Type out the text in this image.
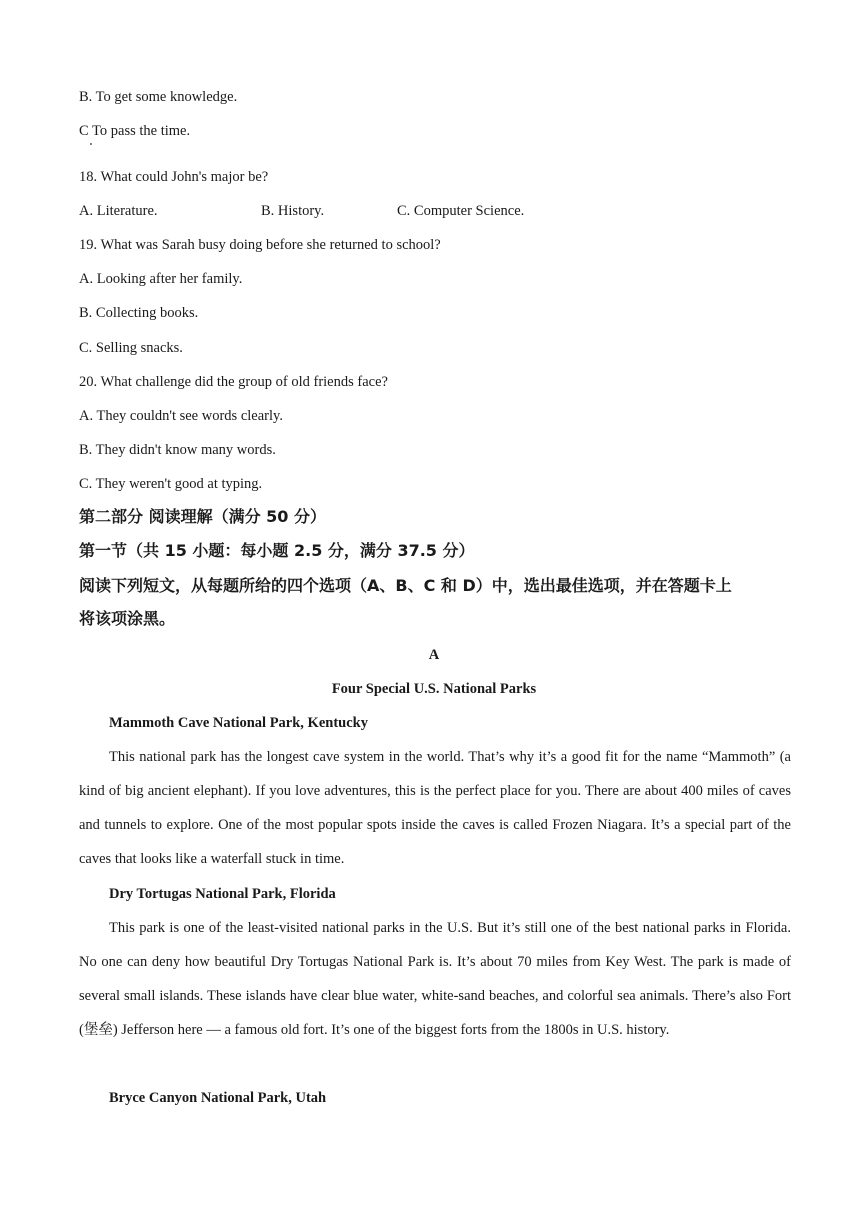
B. To get some knowledge.
C To pass the time.
18. What could John's major be?
A. Literature.	B. History.	C. Computer Science.
19. What was Sarah busy doing before she returned to school?
A. Looking after her family.
B. Collecting books.
C. Selling snacks.
20. What challenge did the group of old friends face?
A. They couldn't see words clearly.
B. They didn't know many words.
C. They weren't good at typing.
第二部分 阅读理解（满分 50 分）
第一节（共 15 小题：每小题 2.5 分，满分 37.5 分）
阅读下列短文，从每题所给的四个选项（A、B、C 和 D）中，选出最佳选项，并在答题卡上
将该项涂黑。
A
Four Special U.S. National Parks
Mammoth Cave National Park, Kentucky

This national park has the longest cave system in the world. That’s why it’s a good fit for the name “Mammoth” (a kind of big ancient elephant). If you love adventures, this is the perfect place for you. There are about 400 miles of caves and tunnels to explore. One of the most popular spots inside the caves is called Frozen Niagara. It’s a special part of the caves that looks like a waterfall stuck in time.

Dry Tortugas National Park, Florida

This park is one of the least-visited national parks in the U.S. But it’s still one of the best national parks in Florida. No one can deny how beautiful Dry Tortugas National Park is. It’s about 70 miles from Key West. The park is made of several small islands. These islands have clear blue water, white-sand beaches, and colorful sea animals. There’s also Fort (堡垒) Jefferson here — a famous old fort. It’s one of the biggest forts from the 1800s in U.S. history.

Bryce Canyon National Park, Utah
